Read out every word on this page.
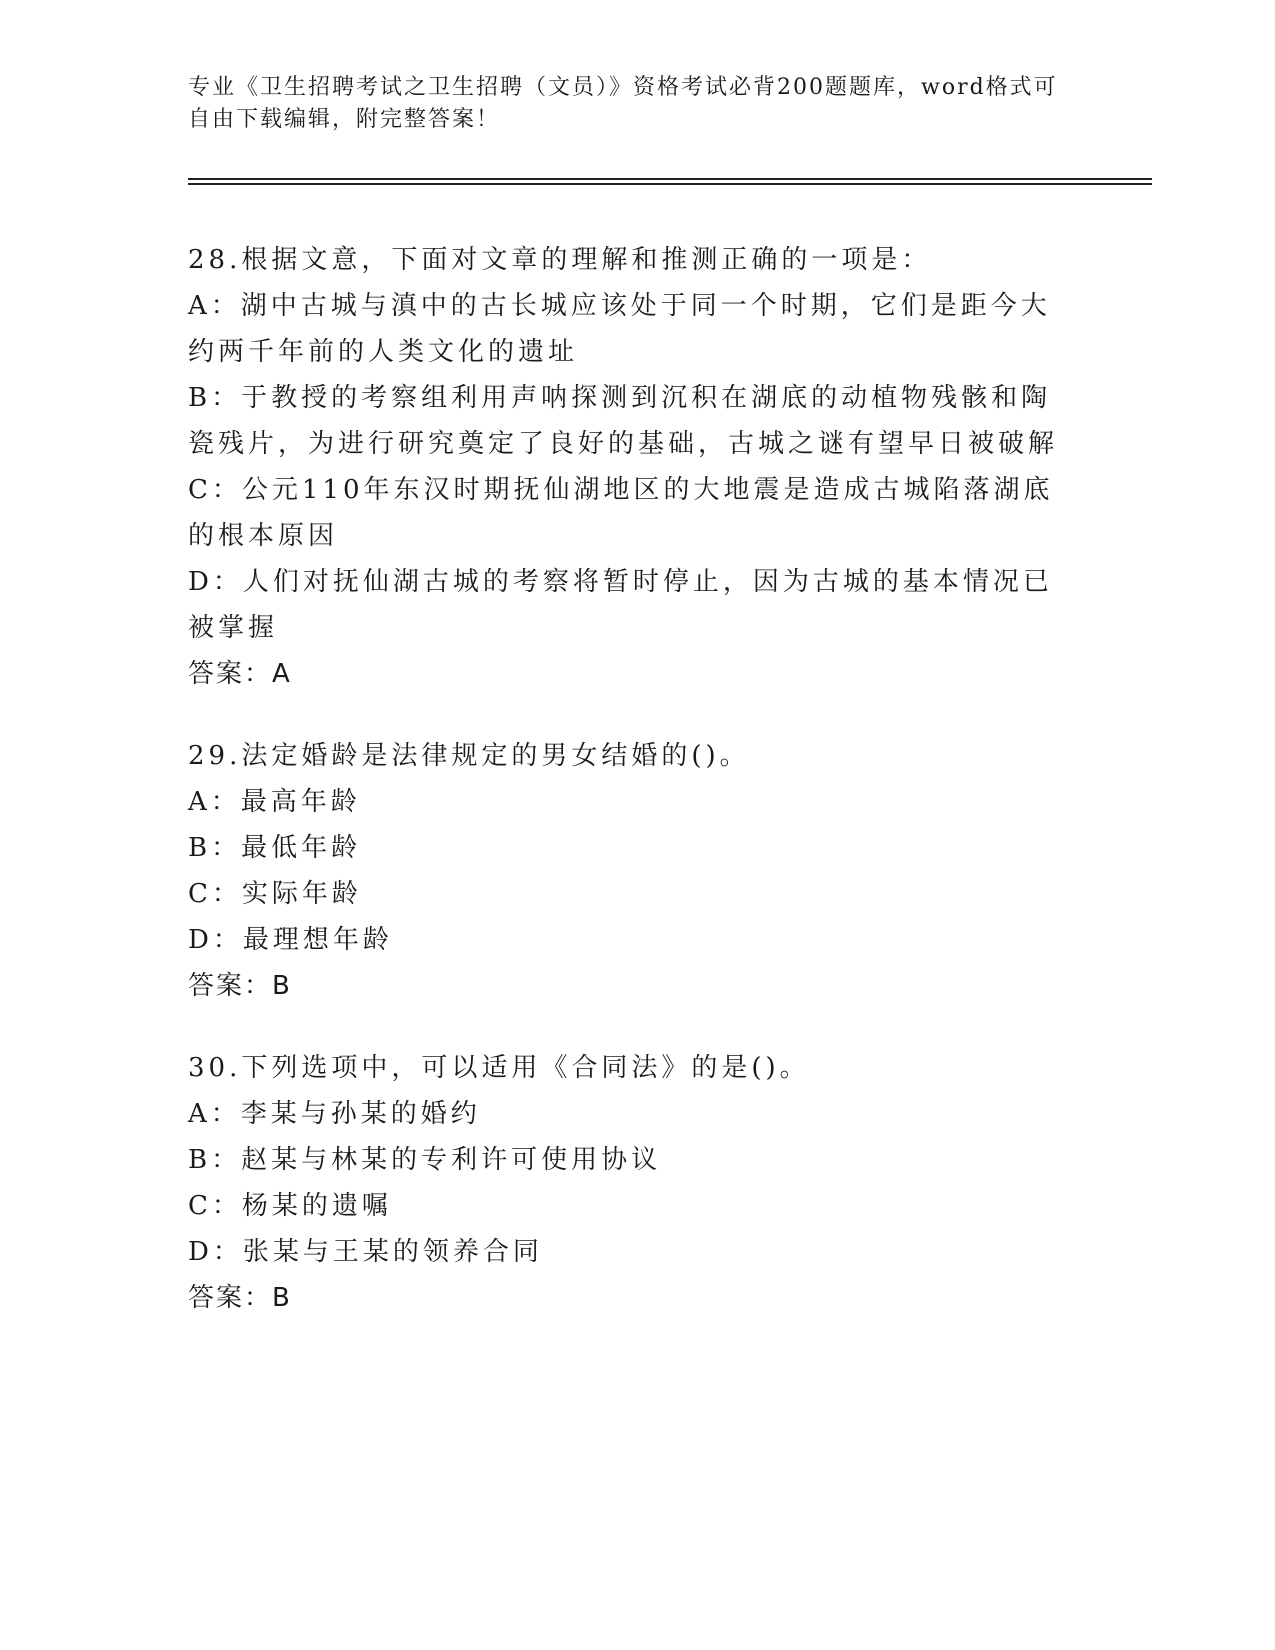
专业《卫生招聘考试之卫生招聘（文员）》资格考试必背200题题库，word格式可自由下载编辑，附完整答案！
28.根据文意，下面对文章的理解和推测正确的一项是：
A：湖中古城与滇中的古长城应该处于同一个时期，它们是距今大约两千年前的人类文化的遗址
B：于教授的考察组利用声呐探测到沉积在湖底的动植物残骸和陶瓷残片，为进行研究奠定了良好的基础，古城之谜有望早日被破解
C：公元110年东汉时期抚仙湖地区的大地震是造成古城陷落湖底的根本原因
D：人们对抚仙湖古城的考察将暂时停止，因为古城的基本情况已被掌握
答案：A
29.法定婚龄是法律规定的男女结婚的()。
A：最高年龄
B：最低年龄
C：实际年龄
D：最理想年龄
答案：B
30.下列选项中，可以适用《合同法》的是()。
A：李某与孙某的婚约
B：赵某与林某的专利许可使用协议
C：杨某的遗嘱
D：张某与王某的领养合同
答案：B
